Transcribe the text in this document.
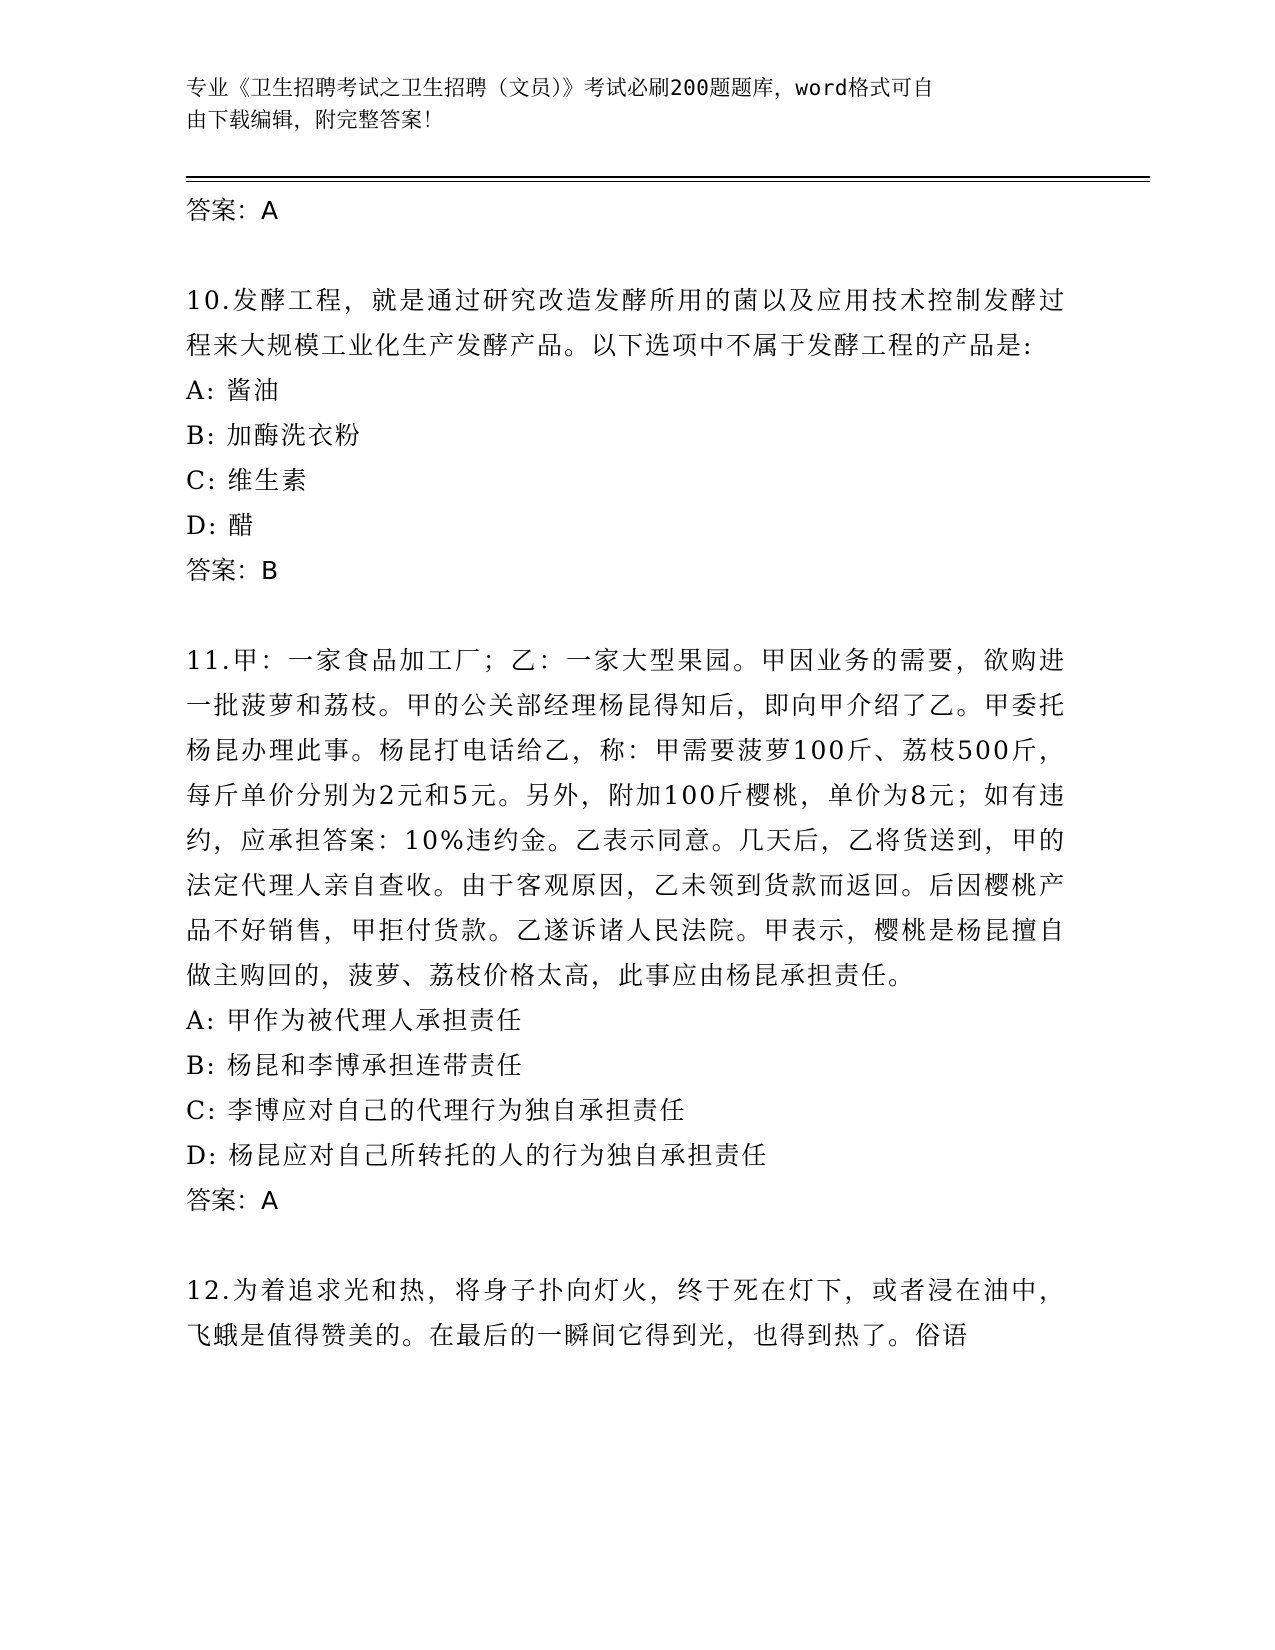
专业《卫生招聘考试之卫生招聘（文员）》考试必刷200题题库，word格式可自
由下载编辑，附完整答案！

答案：A

10.发酵工程，就是通过研究改造发酵所用的菌以及应用技术控制发酵过程来大规模工业化生产发酵产品。以下选项中不属于发酵工程的产品是:

A: 酱油

B: 加酶洗衣粉

C: 维生素

D: 醋

答案：B

11.甲：一家食品加工厂；乙：一家大型果园。甲因业务的需要，欲购进一批菠萝和荔枝。甲的公关部经理杨昆得知后，即向甲介绍了乙。甲委托杨昆办理此事。杨昆打电话给乙，称：甲需要菠萝100斤、荔枝500斤，每斤单价分别为2元和5元。另外，附加100斤樱桃，单价为8元；如有违约，应承担答案：10%违约金。乙表示同意。几天后，乙将货送到，甲的法定代理人亲自查收。由于客观原因，乙未领到货款而返回。后因樱桃产品不好销售，甲拒付货款。乙遂诉诸人民法院。甲表示，樱桃是杨昆擅自做主购回的，菠萝、荔枝价格太高，此事应由杨昆承担责任。

A: 甲作为被代理人承担责任

B: 杨昆和李博承担连带责任

C: 李博应对自己的代理行为独自承担责任

D: 杨昆应对自己所转托的人的行为独自承担责任

答案：A

12.为着追求光和热，将身子扑向灯火，终于死在灯下，或者浸在油中，飞蛾是值得赞美的。在最后的一瞬间它得到光，也得到热了。俗语
